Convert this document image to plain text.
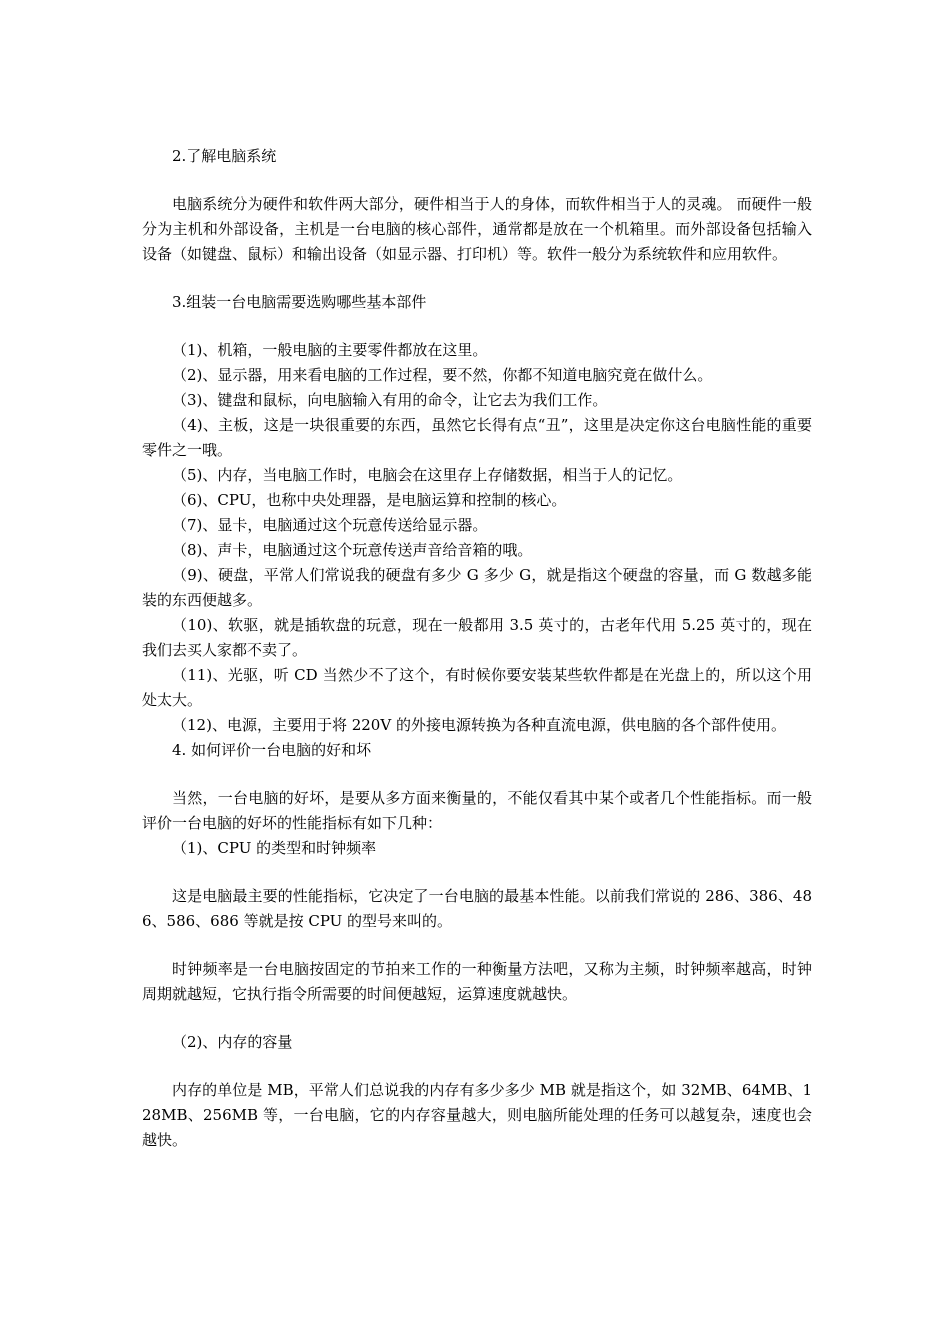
2.了解电脑系统

电脑系统分为硬件和软件两大部分，硬件相当于人的身体，而软件相当于人的灵魂。 而硬件一般分为主机和外部设备，主机是一台电脑的核心部件，通常都是放在一个机箱里。而外部设备包括输入设备（如键盘、鼠标）和输出设备（如显示器、打印机）等。软件一般分为系统软件和应用软件。

3.组装一台电脑需要选购哪些基本部件

（1)、机箱，一般电脑的主要零件都放在这里。

（2)、显示器，用来看电脑的工作过程，要不然，你都不知道电脑究竟在做什么。

（3)、键盘和鼠标，向电脑输入有用的命令，让它去为我们工作。

（4)、主板，这是一块很重要的东西，虽然它长得有点“丑”，这里是决定你这台电脑性能的重要零件之一哦。

（5)、内存，当电脑工作时，电脑会在这里存上存储数据，相当于人的记忆。

（6)、CPU，也称中央处理器，是电脑运算和控制的核心。

（7)、显卡，电脑通过这个玩意传送给显示器。

（8)、声卡，电脑通过这个玩意传送声音给音箱的哦。

（9)、硬盘，平常人们常说我的硬盘有多少 G 多少 G，就是指这个硬盘的容量，而 G 数越多能装的东西便越多。

（10)、软驱，就是插软盘的玩意，现在一般都用 3.5 英寸的，古老年代用 5.25 英寸的，现在我们去买人家都不卖了。

（11)、光驱，听 CD 当然少不了这个，有时候你要安装某些软件都是在光盘上的，所以这个用处太大。

（12)、电源，主要用于将 220V 的外接电源转换为各种直流电源，供电脑的各个部件使用。

4. 如何评价一台电脑的好和坏

当然，一台电脑的好坏，是要从多方面来衡量的，不能仅看其中某个或者几个性能指标。而一般评价一台电脑的好坏的性能指标有如下几种：

（1)、CPU 的类型和时钟频率

这是电脑最主要的性能指标，它决定了一台电脑的最基本性能。以前我们常说的 286、386、486、586、686 等就是按 CPU 的型号来叫的。

时钟频率是一台电脑按固定的节拍来工作的一种衡量方法吧，又称为主频，时钟频率越高，时钟周期就越短，它执行指令所需要的时间便越短，运算速度就越快。

（2)、内存的容量

内存的单位是 MB，平常人们总说我的内存有多少多少 MB 就是指这个，如 32MB、64MB、128MB、256MB 等，一台电脑，它的内存容量越大，则电脑所能处理的任务可以越复杂，速度也会越快。
